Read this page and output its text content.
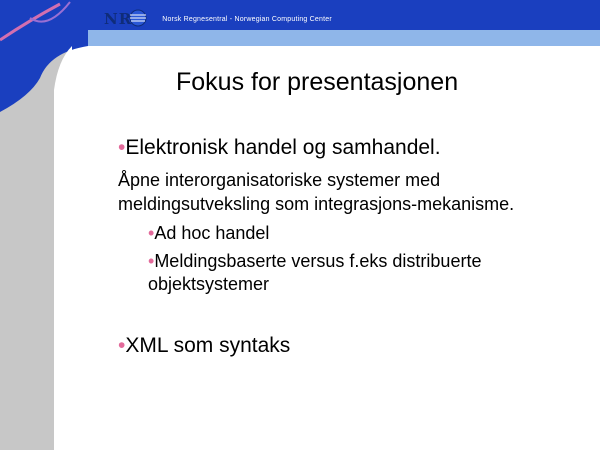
NR	Norsk Regnesentral - Norwegian Computing Center
Fokus for presentasjonen
•Elektronisk handel og samhandel.
Åpne interorganisatoriske systemer med
meldingsutveksling som integrasjons-mekanisme.
•Ad hoc handel
•Meldingsbaserte versus f.eks distribuerte
objektsystemer
•XML som syntaks
